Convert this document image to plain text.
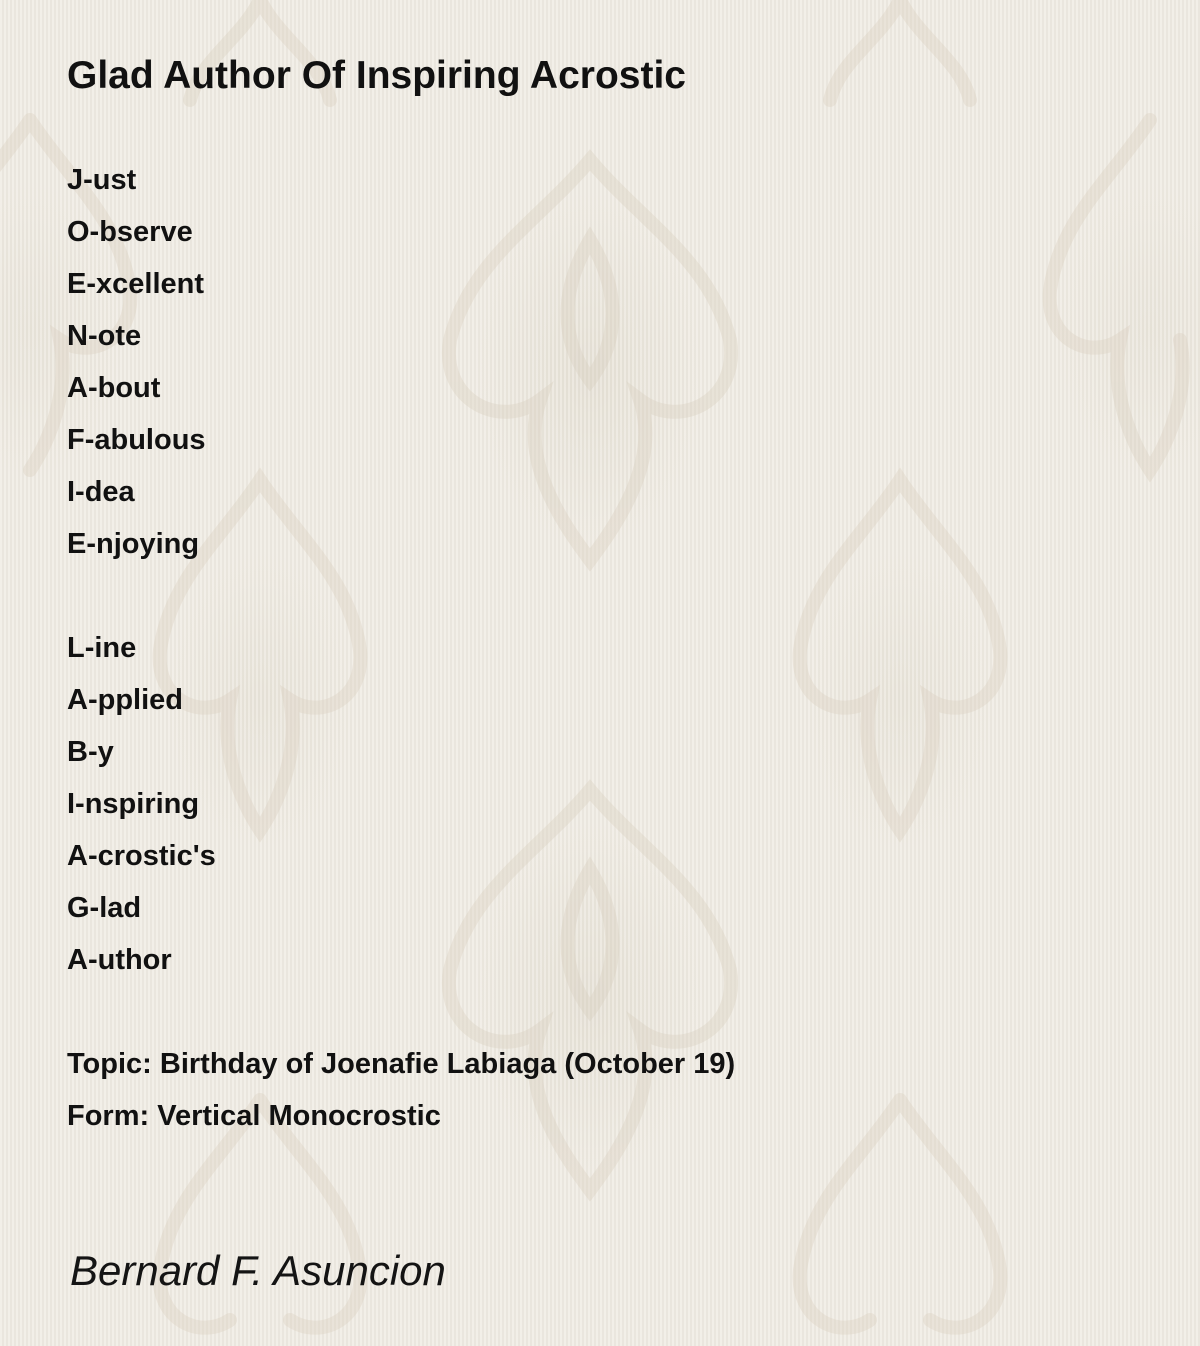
Glad Author Of Inspiring Acrostic
J-ust
O-bserve
E-xcellent
N-ote
A-bout
F-abulous
I-dea
E-njoying
L-ine
A-pplied
B-y
I-nspiring
A-crostic's
G-lad
A-uthor
Topic: Birthday of Joenafie Labiaga (October 19)
Form: Vertical Monocrostic
Bernard F. Asuncion
